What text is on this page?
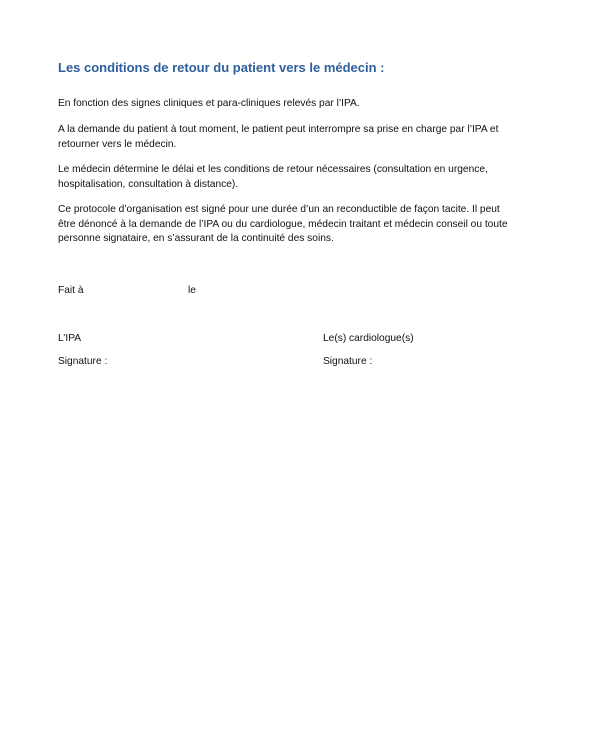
Les conditions de retour du patient vers le médecin :

En fonction des signes cliniques et para-cliniques relevés par l’IPA.

A la demande du patient à tout moment, le patient peut interrompre sa prise en charge par l’IPA et
retourner vers le médecin.

Le médecin détermine le délai et les conditions de retour nécessaires (consultation en urgence,
hospitalisation, consultation à distance).

Ce protocole d’organisation est signé pour une durée d’un an reconductible de façon tacite. Il peut
être dénoncé à la demande de l’IPA ou du cardiologue, médecin traitant et médecin conseil ou toute
personne signataire, en s’assurant de la continuité des soins.

Fait à	le
L’IPA	Le(s) cardiologue(s)
Signature :	Signature :
